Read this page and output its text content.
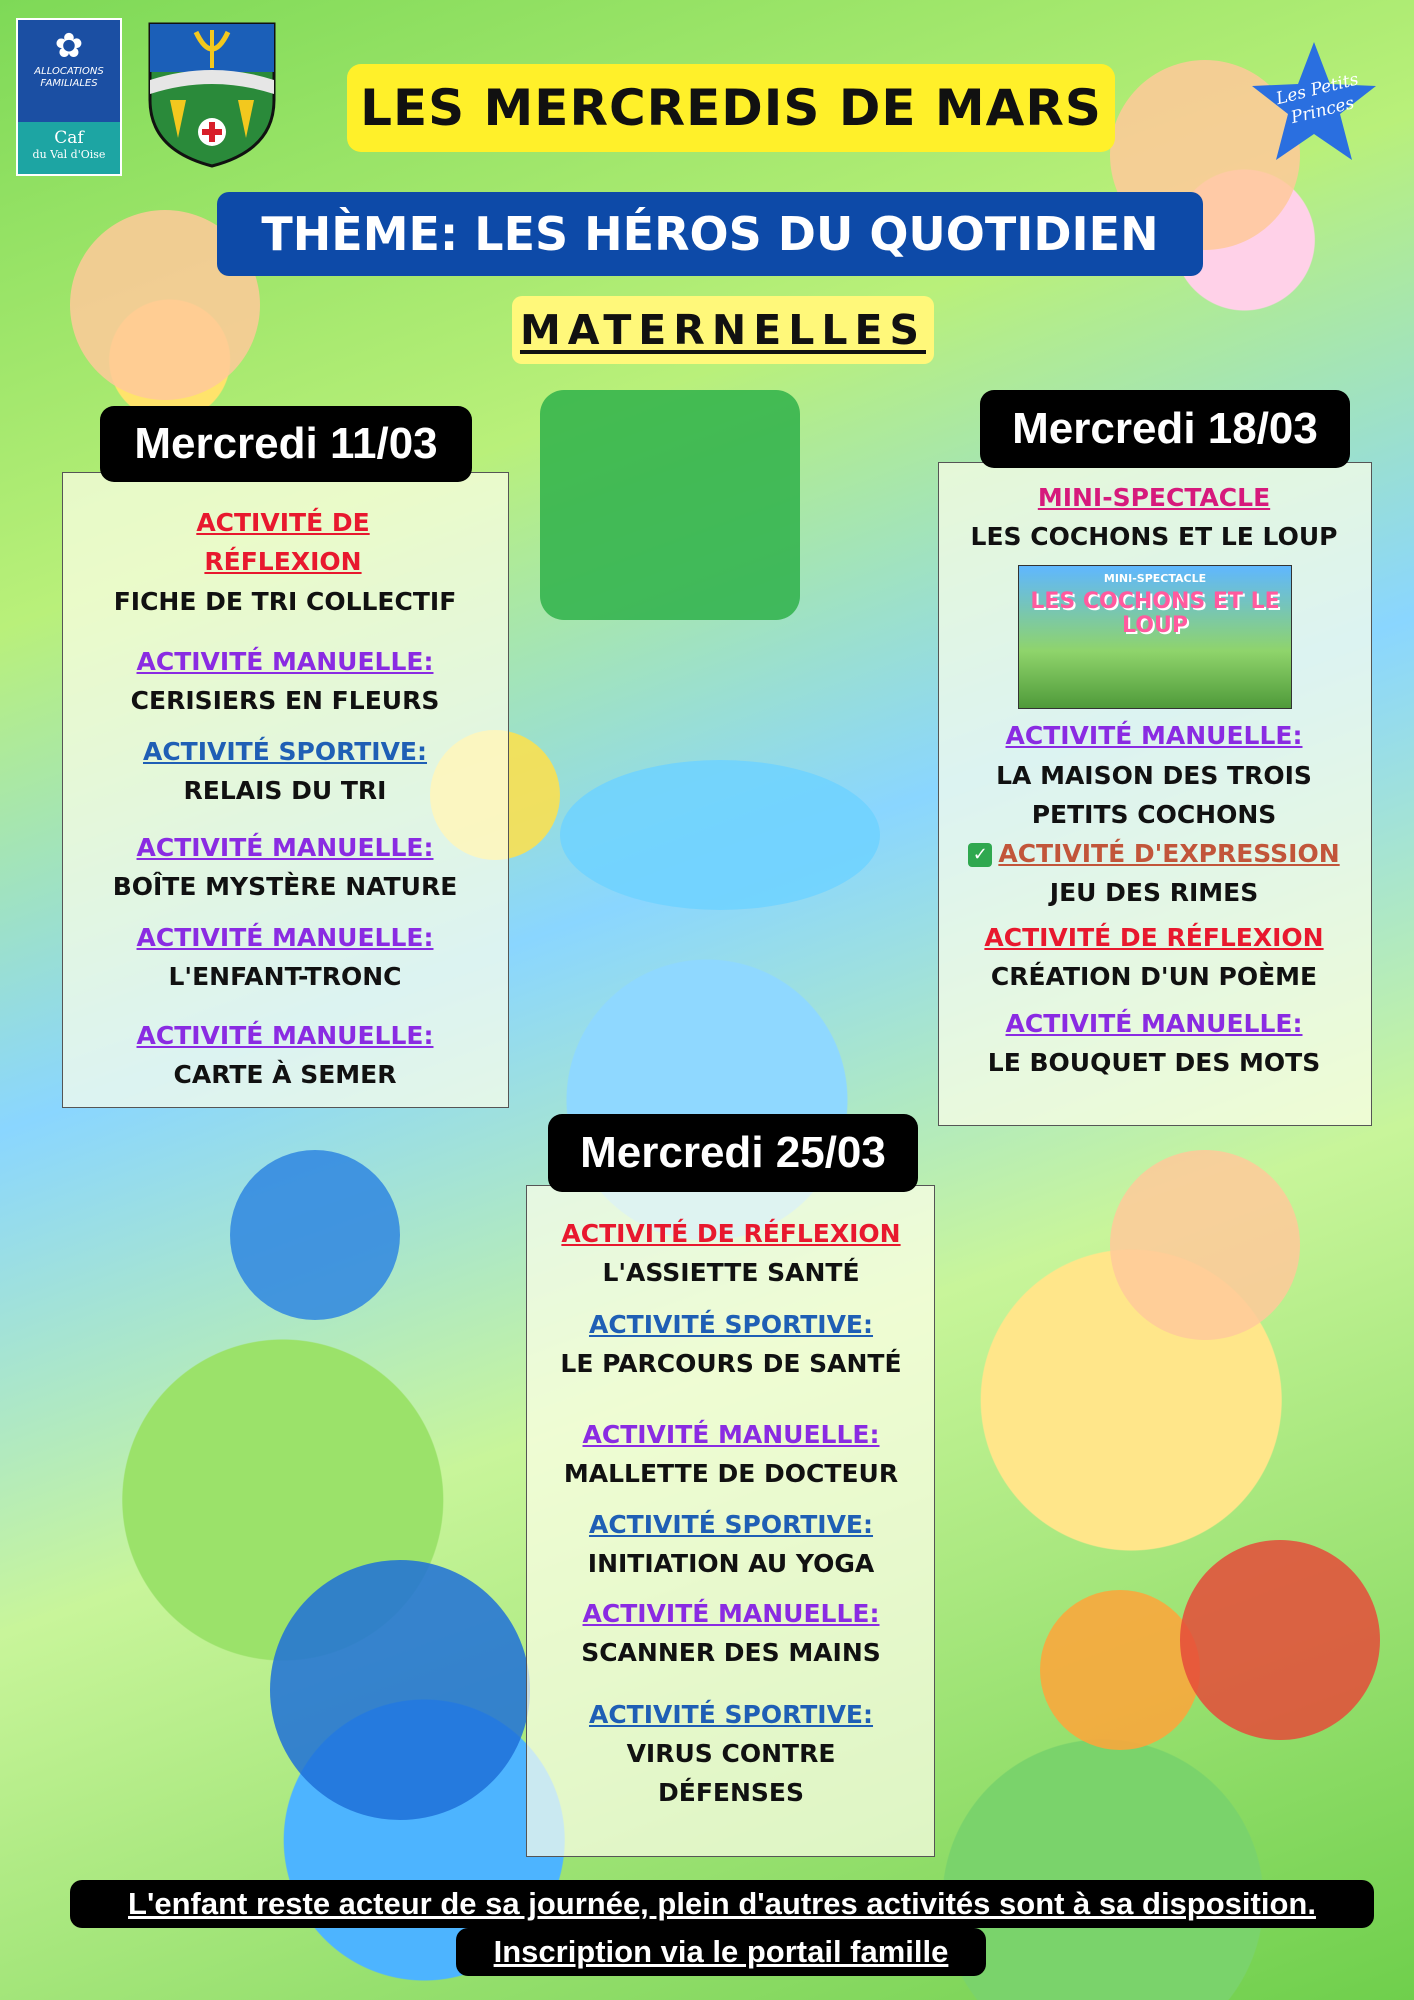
✿
ALLOCATIONS
FAMILIALES
Caf
du Val d'Oise
Les Petits Princes
LES MERCREDIS DE MARS
THÈME: LES HÉROS DU QUOTIDIEN
MATERNELLES
Mercredi 11/03
ACTIVITÉ DE RÉFLEXION
FICHE DE TRI COLLECTIF
ACTIVITÉ MANUELLE:
CERISIERS EN FLEURS
ACTIVITÉ SPORTIVE:
RELAIS DU TRI
ACTIVITÉ MANUELLE:
BOÎTE MYSTÈRE NATURE
ACTIVITÉ MANUELLE:
L'ENFANT-TRONC
ACTIVITÉ MANUELLE:
CARTE À SEMER
Mercredi 18/03
MINI-SPECTACLE
LES COCHONS ET LE LOUP
MINI-SPECTACLE
LES COCHONS ET LE LOUP
ACTIVITÉ MANUELLE:
LA MAISON DES TROIS PETITS COCHONS
✓ ACTIVITÉ D'EXPRESSION
JEU DES RIMES
ACTIVITÉ DE RÉFLEXION
CRÉATION D'UN POÈME
ACTIVITÉ MANUELLE:
LE BOUQUET DES MOTS
Mercredi 25/03
ACTIVITÉ DE RÉFLEXION
L'ASSIETTE SANTÉ
ACTIVITÉ SPORTIVE:
LE PARCOURS DE SANTÉ
ACTIVITÉ MANUELLE:
MALLETTE DE DOCTEUR
ACTIVITÉ SPORTIVE:
INITIATION AU YOGA
ACTIVITÉ MANUELLE:
SCANNER DES MAINS
ACTIVITÉ SPORTIVE:
VIRUS CONTRE DÉFENSES
L'enfant reste acteur de sa journée, plein d'autres activités sont à sa disposition.
Inscription via le portail famille
